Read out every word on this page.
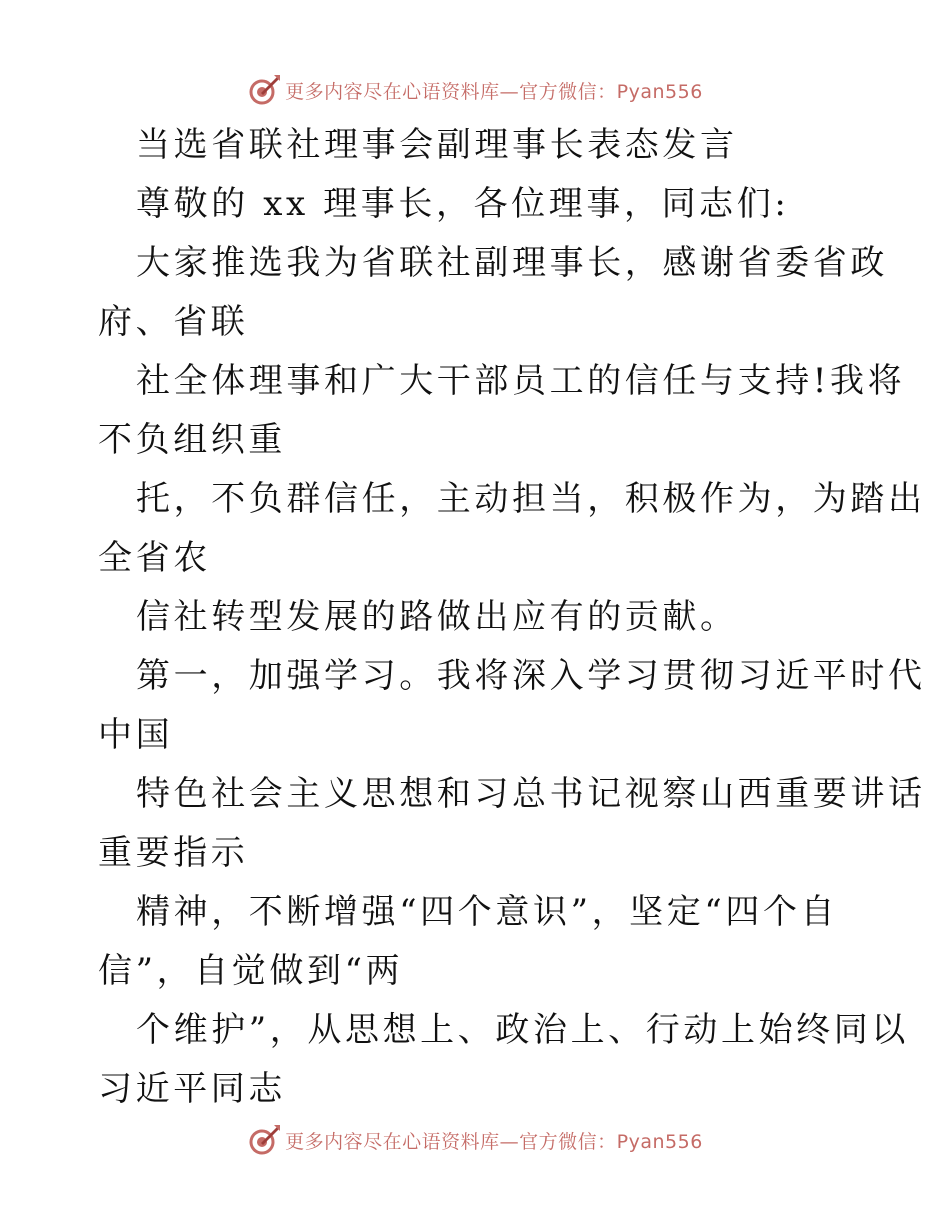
更多内容尽在心语资料库—官方微信：Pyan556
当选省联社理事会副理事长表态发言
尊敬的 xx 理事长，各位理事，同志们:
大家推选我为省联社副理事长，感谢省委省政
府、省联
社全体理事和广大干部员工的信任与支持!我将
不负组织重
托，不负群信任，主动担当，积极作为，为踏出
全省农
信社转型发展的路做出应有的贡献。
第一，加强学习。我将深入学习贯彻习近平时代
中国
特色社会主义思想和习总书记视察山西重要讲话
重要指示
精神，不断增强“四个意识”，坚定“四个自
信”，自觉做到“两
个维护”，从思想上、政治上、行动上始终同以
习近平同志
更多内容尽在心语资料库—官方微信：Pyan556
